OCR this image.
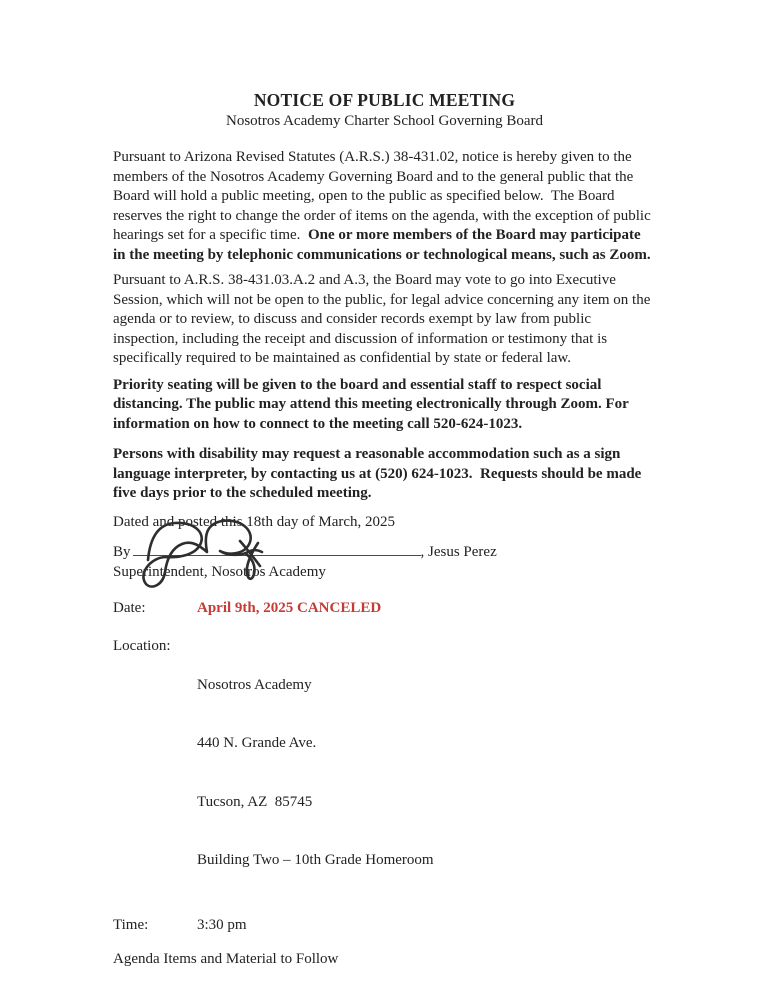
NOTICE OF PUBLIC MEETING
Nosotros Academy Charter School Governing Board

Pursuant to Arizona Revised Statutes (A.R.S.) 38-431.02, notice is hereby given to the members of the Nosotros Academy Governing Board and to the general public that the Board will hold a public meeting, open to the public as specified below.  The Board reserves the right to change the order of items on the agenda, with the exception of public hearings set for a specific time.  One or more members of the Board may participate in the meeting by telephonic communications or technological means, such as Zoom.

Pursuant to A.R.S. 38-431.03.A.2 and A.3, the Board may vote to go into Executive Session, which will not be open to the public, for legal advice concerning any item on the agenda or to review, to discuss and consider records exempt by law from public inspection, including the receipt and discussion of information or testimony that is specifically required to be maintained as confidential by state or federal law.

Priority seating will be given to the board and essential staff to respect social distancing. The public may attend this meeting electronically through Zoom. For information on how to connect to the meeting call 520-624-1023.

Persons with disability may request a reasonable accommodation such as a sign language interpreter, by contacting us at (520) 624-1023.  Requests should be made five days prior to the scheduled meeting.

Dated and posted this 18th day of March, 2025

By	, Jesus Perez
Superintendent, Nosotros Academy
Date:	April 9th, 2025 CANCELED
Location:

Nosotros Academy

440 N. Grande Ave.

Tucson, AZ  85745

Building Two – 10th Grade Homeroom

Time:	3:30 pm

Agenda Items and Material to Follow
